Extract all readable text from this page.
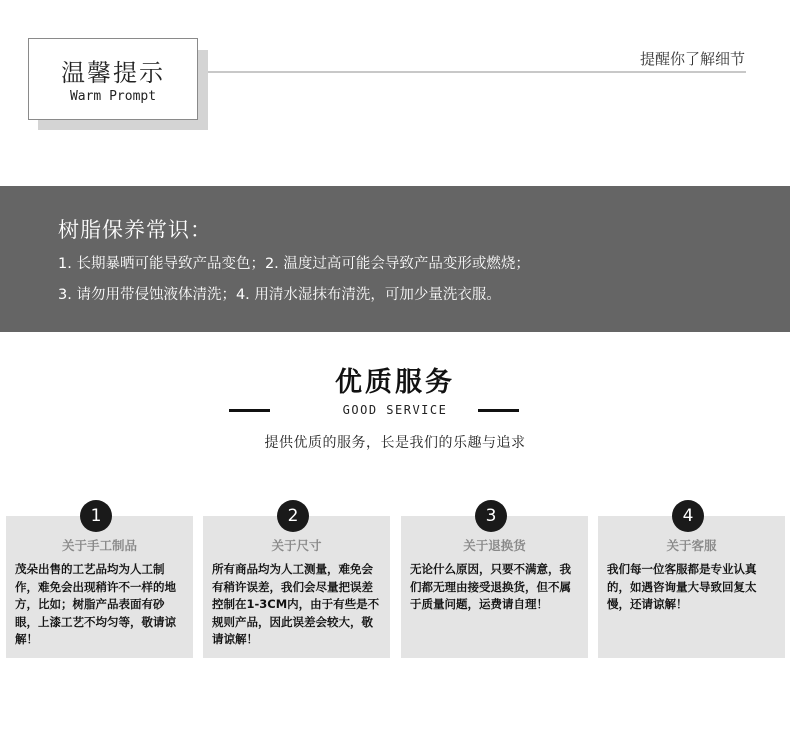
温馨提示
Warm Prompt
提醒你了解细节
树脂保养常识：
1. 长期暴晒可能导致产品变色；2. 温度过高可能会导致产品变形或燃烧；
3. 请勿用带侵蚀液体清洗；4. 用清水湿抹布清洗，可加少量洗衣服。
优质服务
GOOD SERVICE
提供优质的服务，长是我们的乐趣与追求
1
关于手工制品
茂朵出售的工艺品均为人工制作，难免会出现稍许不一样的地方，比如；树脂产品表面有砂眼，上漆工艺不均匀等，敬请谅解！
2
关于尺寸
所有商品均为人工测量，难免会有稍许误差，我们会尽量把误差控制在1-3CM内，由于有些是不规则产品，因此误差会较大，敬请谅解！
3
关于退换货
无论什么原因，只要不满意，我们都无理由接受退换货，但不属于质量问题，运费请自理！
4
关于客服
我们每一位客服都是专业认真的，如遇咨询量大导致回复太慢，还请谅解！
